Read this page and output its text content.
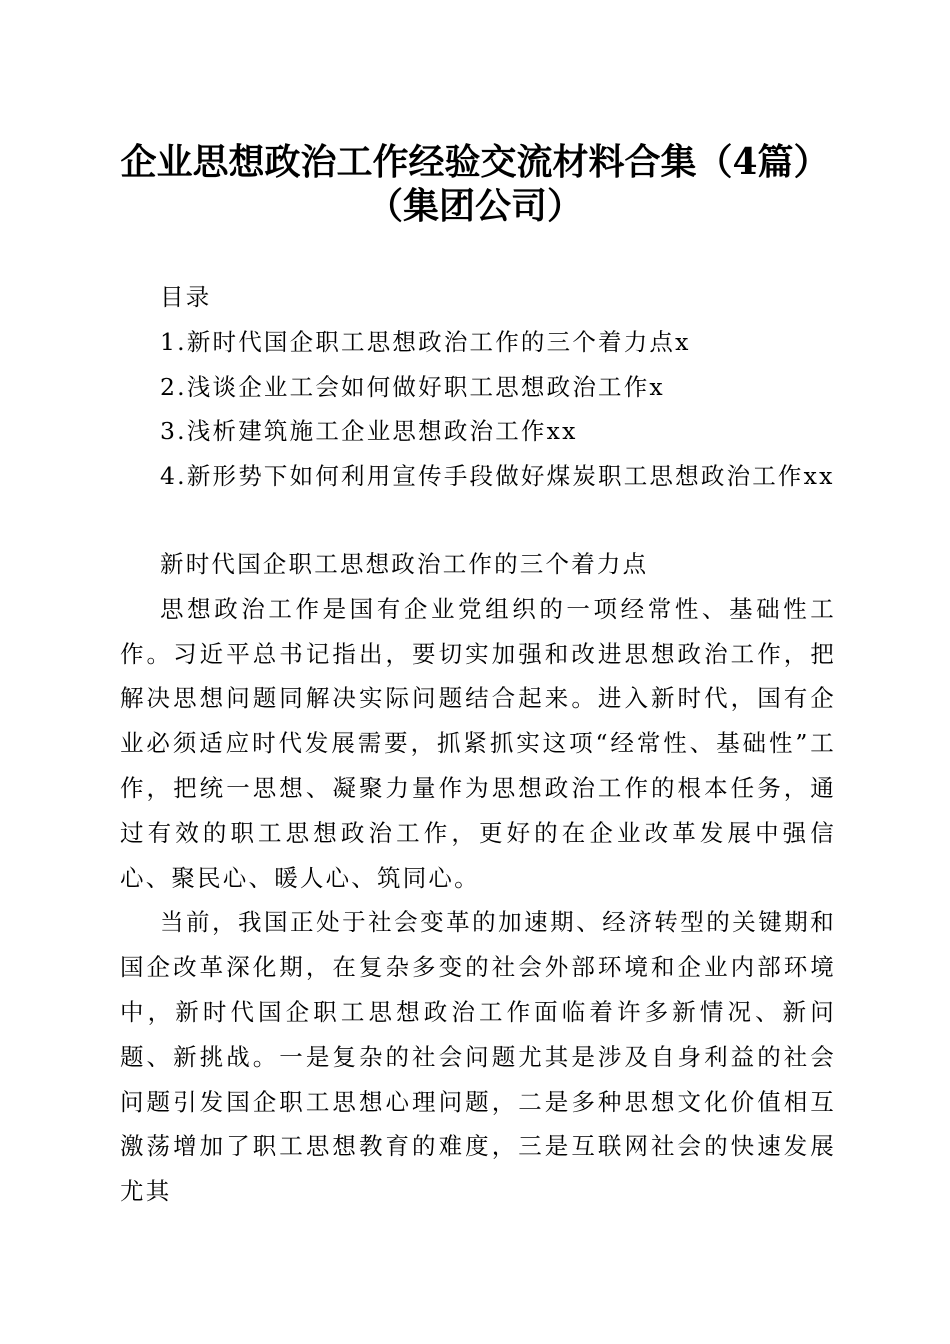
企业思想政治工作经验交流材料合集（4篇）
（集团公司）

目录

1.新时代国企职工思想政治工作的三个着力点x

2.浅谈企业工会如何做好职工思想政治工作x

3.浅析建筑施工企业思想政治工作xx

4.新形势下如何利用宣传手段做好煤炭职工思想政治工作xx

新时代国企职工思想政治工作的三个着力点

思想政治工作是国有企业党组织的一项经常性、基础性工作。习近平总书记指出，要切实加强和改进思想政治工作，把解决思想问题同解决实际问题结合起来。进入新时代，国有企业必须适应时代发展需要，抓紧抓实这项“经常性、基础性”工作，把统一思想、凝聚力量作为思想政治工作的根本任务，通过有效的职工思想政治工作，更好的在企业改革发展中强信心、聚民心、暖人心、筑同心。

当前，我国正处于社会变革的加速期、经济转型的关键期和国企改革深化期，在复杂多变的社会外部环境和企业内部环境中，新时代国企职工思想政治工作面临着许多新情况、新问题、新挑战。一是复杂的社会问题尤其是涉及自身利益的社会问题引发国企职工思想心理问题，二是多种思想文化价值相互激荡增加了职工思想教育的难度，三是互联网社会的快速发展尤其
